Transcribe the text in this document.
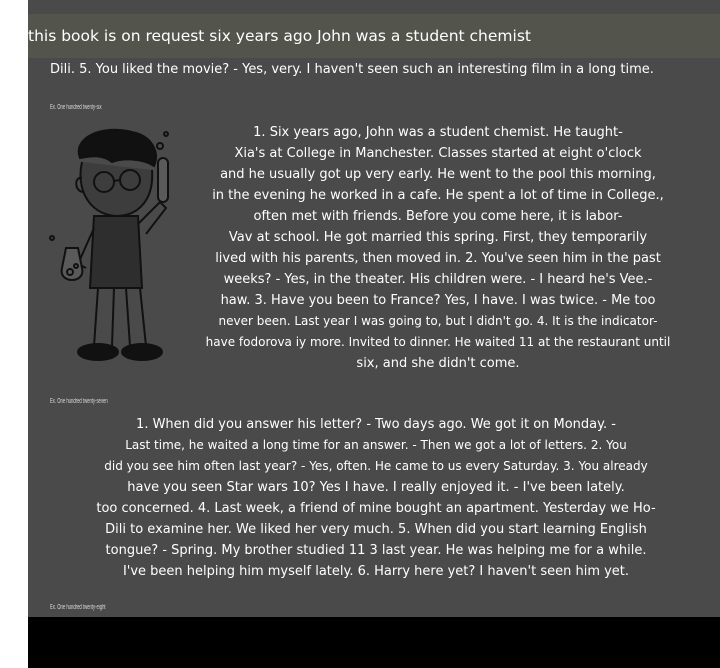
this book is on request six years ago John was a student chemist

Dili. 5. You liked the movie? - Yes, very. I haven't seen such an interesting film in a long time.

Ex. One hundred twenty-six

1. Six years ago, John was a student chemist. He taught-
Xia's at College in Manchester. Classes started at eight o'clock
and he usually got up very early. He went to the pool this morning,
in the evening he worked in a cafe. He spent a lot of time in College.,
often met with friends. Before you come here, it is labor-
Vav at school. He got married this spring. First, they temporarily
lived with his parents, then moved in. 2. You've seen him in the past
weeks? - Yes, in the theater. His children were. - I heard he's Vee.-
haw. 3. Have you been to France? Yes, I have. I was twice. - Me too
never been. Last year I was going to, but I didn't go. 4. It is the indicator-
have fodorova iy more. Invited to dinner. He waited 11 at the restaurant until
six, and she didn't come.

Ex. One hundred twenty-seven

1. When did you answer his letter? - Two days ago. We got it on Monday. -
Last time, he waited a long time for an answer. - Then we got a lot of letters. 2. You
did you see him often last year? - Yes, often. He came to us every Saturday. 3. You already
have you seen Star wars 10? Yes I have. I really enjoyed it. - I've been lately.
too concerned. 4. Last week, a friend of mine bought an apartment. Yesterday we Ho-
Dili to examine her. We liked her very much. 5. When did you start learning English
tongue? - Spring. My brother studied 11 3 last year. He was helping me for a while.
I've been helping him myself lately. 6. Harry here yet? I haven't seen him yet.

Ex. One hundred twenty-eight
